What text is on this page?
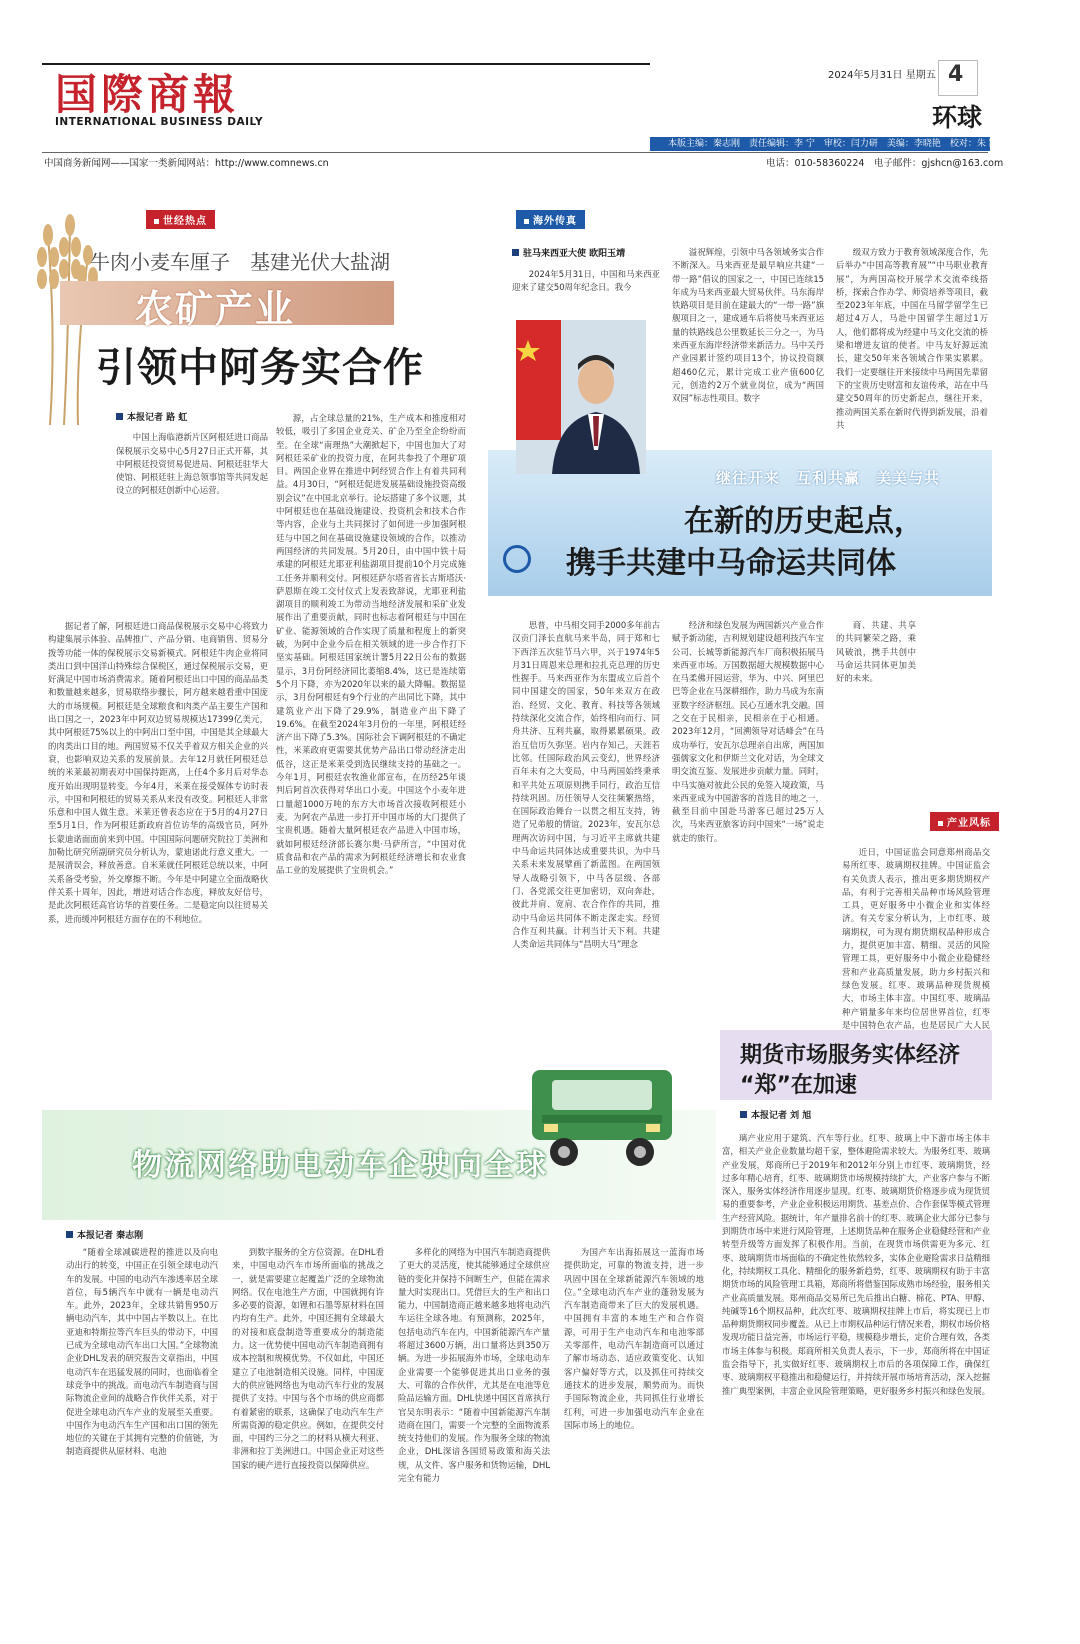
国際商報
INTERNATIONAL BUSINESS DAILY
2024年5月31日 星期五 4
环球
本版主编：秦志刚　责任编辑：李 宁　审校：闫力研　美编：李晓艳　校对：朱 凯
中国商务新闻网——国家一类新闻网站：http://www.comnews.cn	电话：010-58360224　电子邮件：gjshcn@163.com
世经热点
牛肉小麦车厘子　基建光伏大盐湖
农矿产业
引领中阿务实合作
本报记者 路 虹

中国上海临港新片区阿根廷进口商品保税展示交易中心5月27日正式开幕，其中阿根廷投资贸易促进局、阿根廷驻华大使馆、阿根廷驻上海总领事馆等共同发起设立的阿根廷创新中心运营。

据记者了解，阿根廷进口商品保税展示交易中心将致力构建集展示体验、品牌推广、产品分销、电商销售、贸易分拨等功能一体的保税展示交易新模式。阿根廷牛肉企业将同类出口到中国洋山特殊综合保税区，通过保税展示交易，更好满足中国市场消费需求。随着阿根廷出口中国的商品品类和数量越来越多，贸易联络步骤长，阿方越来越看重中国庞大的市场规模。阿根廷是全球粮食和肉类产品主要生产国和出口国之一，2023年中阿双边贸易规模达17399亿美元，其中阿根廷75%以上的中阿出口至中国，中国是其全球最大的肉类出口目的地。两国贸易不仅关乎着双方相关企业的兴衰，也影响双边关系的发展前景。去年12月就任阿根廷总统的米莱最初期表对中国保持距离，上任4个多月后对华态度开始出现明显转变。今年4月，米莱在接受媒体专访时表示，中国和阿根廷的贸易关系从来没有改变。阿根廷人非常乐意和中国人做生意。米莱还曾表态应在于5月的4月27日至5月1日，作为阿根廷新政府首位访华的高级官员，阿外长蒙迪诺面面前来到中国。中国国际问题研究院拉丁美洲和加勒比研究所副研究员分析认为，蒙迪诺此行意义重大。一是展清误会，释放善意。自米莱就任阿根廷总统以来，中阿关系备受考验，外交摩擦不断。今年是中阿建立全面战略伙伴关系十周年，因此，增进对话合作态度，释放友好信号，是此次阿根廷高官访华的首要任务。二是稳定向以往贸易关系，进而缓冲阿根廷方面存在的不利地位。

源，占全球总量的21%，生产成本和推度相对较低，吸引了多国企业竞关、矿企乃至全企纷纷而至。在全球“南理热”大潮掀起下，中国也加大了对阿根廷采矿业的投资力度，在阿共参投了个理矿项目。两国企业界在推进中阿经贸合作上有着共同利益。4月30日，“阿根廷促进发展基础设施投资高级别会议”在中国北京举行。论坛搭建了多个议题，其中阿根廷也在基础设施建设、投资机会和技术合作等内容，企业与土共同探讨了如何进一步加强阿根廷与中国之间在基础设施建设领域的合作，以推动两国经济的共同发展。5月20日，由中国中铁十局承建的阿根廷尤耶亚利盐湖项目提前10个月完成施工任务并顺利交付。阿根廷萨尔塔省省长古斯塔沃·萨恩斯在竣工交付仪式上发表致辞说，尤耶亚利盐湖项目的顺利竣工为带动当地经济发展和采矿业发展作出了重要贡献，同时也标志着阿根廷与中国在矿业、能源领域的合作实现了质量和程度上的新突破，为阿中企业今后在相关领域的进一步合作打下坚实基础。阿根廷国家统计署5月22日公布的数据显示，3月份阿经济同比萎缩8.4%，这已是连续第5个月下降，亦为2020年以来的最大降幅。数据显示，3月份阿根廷有9个行业的产出同比下降，其中建筑业产出下降了29.9%，制造业产出下降了19.6%。在截至2024年3月份的一年里，阿根廷经济产出下降了5.3%。国际社会下调阿根廷的不确定性，米莱政府更需要其优势产品出口带动经济走出低谷，这正是米莱受到选民继续支持的基础之一。今年1月，阿根廷农牧渔业部宣布，在历经25年谈判后阿首次获得对华出口小麦。中国这个小麦年进口量超1000万吨的东方大市场首次接收阿根廷小麦，为阿农产品进一步打开中国市场的大门提供了宝贵机遇。随着大量阿根廷农产品进入中国市场，就如阿根廷经济部长赛尔奥·马萨所言，“中国对优质食品和农产品的需求为阿根廷经济增长和农业食品工业的发展提供了宝贵机会。”

海外传真
驻马来西亚大使 欧阳玉靖

2024年5月31日，中国和马来西亚迎来了建交50周年纪念日。我今

溢祝辉煌，引领中马各领域务实合作不断深入。马来西亚是最早响应共建“一带一路”倡议的国家之一，中国已连续15年成为马来西亚最大贸易伙伴。马东海岸铁路项目是目前在建最大的“一带一路”旗舰项目之一，建成通车后将使马来西亚运量的铁路线总公里数延长三分之一，为马来西亚东海岸经济带来新活力。马中关丹产业园累计签约项目13个，协议投资额超460亿元，累计完成工业产值600亿元，创造约2万个就业岗位，成为“两国双园”标志性项目。数字

级双方致力于教育领域深度合作，先后举办“中国高等教育展”“中马职业教育展”，为两国高校开展学术交流牵线搭桥，探索合作办学、师资培养等项目，截至2023年年底，中国在马留学留学生已超过4万人，马赴中国留学生超过1万人，他们都将成为经建中马文化交流的桥梁和增进友谊的使者。中马友好源远流长，建交50年来各领域合作果实累累。我们一定要继往开来接续中马两国先辈留下的宝贵历史财富和友谊传承，站在中马建交50周年的历史新起点，继往开来，推动两国关系在新时代得到新发展，沿着共

继往开来　互利共赢　美美与共
在新的历史起点，
携手共建中马命运共同体

思普，中马相交同手2000多年前古汉贡门泽长直航马来半岛，同于郑和七下西洋五次驻节马六甲，兴于1974年5月31日周恩来总理和拉扎克总理的历史性握手。马来西亚作为东盟成立后首个同中国建交的国家，50年来双方在政治、经贸、文化、教育、科技等各领域持续深化交流合作，始终相向而行、同舟共济、互利共赢，取得累累硕果。政治互信历久弥坚。岩内存知己，天涯若比邻。任国际政治风云变幻，世界经济百年未有之大变局，中马两国始终秉承和平共处五项原则携手同行，政治互信持续巩固。历任领导人交往频繁热络，在国际政治舞台一以贯之相互支持，铸造了兄弟般的情谊。2023年，安瓦尔总理两次访问中国，与习近平主席就共建中马命运共同体达成重要共识，为中马关系未来发展擘画了新蓝图。在两国领导人战略引领下，中马各层级、各部门、各党派交往更加密切，双向奔赴，彼此并肩、宽肩、农合作作的共同，推动中马命运共同体不断走深走实。经贸合作互利共赢。计利当计天下利。共建人类命运共同体与“昌明大马”理念

经济和绿色发展为两国新兴产业合作赋予新动能，吉利规划建设超利技汽车宝公司、长城等新能源汽车厂商积极拓展马来西亚市场。万国数据超大规模数据中心在马柔佛开园运营，华为、中兴、阿里巴巴等企业在马深耕细作，助力马成为东南亚数字经济枢纽。民心互通水乳交融。国之交在于民相亲，民相亲在于心相通。2023年12月，“回溯领导对话峰会”在马成功举行，安瓦尔总理亲自出席，两国加强儒家文化和伊斯兰文化对话，为全球文明交流互鉴、发展进步贡献力量。同时，中马实施对彼此公民的免签入境政策，马来西亚成为中国游客的首选目的地之一，截至目前中国赴马游客已超过25万人次，马来西亚旅客访问中国来“一场”说走就走的旅行。

商、共建、共享的共同繁荣之路，乘风破浪，携手共创中马命运共同体更加美好的未来。

产业风标

近日，中国证监会同意郑州商品交易所红枣、玻璃期权挂牌。中国证监会有关负责人表示，推出更多期货期权产品，有利于完善相关品种市场风险管理工具，更好服务中小微企业和实体经济。有关专家分析认为，上市红枣、玻璃期权，可为现有期货期权品种形成合力，提供更加丰富、精细、灵活的风险管理工具，更好服务中小微企业稳健经营和产业高质量发展，助力乡村振兴和绿色发展。红枣、玻璃品种现货规模大，市场主体丰富。中国红枣、玻璃品种产销量多年来均位居世界首位，红枣是中国特色农产品，也是居民广大人民

期货市场服务实体经济
“郑”在加速
本报记者 刘 旭

璃产业应用于建筑、汽车等行业。红枣、玻璃上中下游市场主体丰富，相关产业企业数量均超千家，整体避险需求较大。为服务红枣、玻璃产业发展，郑商所已于2019年和2012年分别上市红枣、玻璃期货，经过多年精心培育，红枣、玻璃期货市场规模持续扩大，产业客户参与不断深入，服务实体经济作用逐步显现。红枣、玻璃期货价格逐步成为现货贸易的重要参考，产业企业积极运用期货、基差点价、合作套保等模式管理生产经营风险。据统计，年产量排名前十的红枣、玻璃企业大部分已参与到期货市场中来进行风险管理，上述期货品种在服务企业稳健经营和产业转型升级等方面发挥了积极作用。当前，在现货市场供需更为多元、红枣、玻璃期货市场面临的不确定性依然较多，实体企业避险需求日益精细化，持续期权工具化、精细化的服务新趋势，红枣、玻璃期权有助于丰富期货市场的风险管理工具箱，郑商所将借鉴国际成熟市场经验，服务相关产业高质量发展。郑州商品交易所已先后推出白糖、棉花、PTA、甲醇、纯碱等16个期权品种，此次红枣、玻璃期权挂牌上市后，将实现已上市品种期货期权同步覆盖。从已上市期权品种运行情况来看，期权市场价格发现功能日益完善，市场运行平稳，规模稳步增长，定价合理有效，各类市场主体参与积极。郑商所相关负责人表示，下一步，郑商所将在中国证监会指导下，扎实做好红枣、玻璃期权上市后的各项保障工作，确保红枣、玻璃期权平稳推出和稳健运行，并持续开展市场培育活动，深入挖掘推广典型案例，丰富企业风险管理策略，更好服务乡村振兴和绿色发展。

物流网络助电动车企驶向全球
本报记者 秦志刚

“随着全球减碳进程的推进以及向电动出行的转变，中国正在引领全球电动汽车的发展。中国的电动汽车渗透率居全球首位，每5辆汽车中就有一辆是电动汽车。此外，2023年，全球共销售950万辆电动汽车，其中中国占半数以上。在比亚迪和特斯拉等汽车巨头的带动下，中国已成为全球电动汽车出口大国。”全球物流企业DHL发表的研究报告文章指出，中国电动汽车在迅猛发展的同时，也面临着全球竞争中的挑战。而电动汽车制造商与国际物流企业间的战略合作伙伴关系，对于促进全球电动汽车产业的发展至关重要。中国作为电动汽车生产国和出口国的领先地位的关键在于其拥有完整的价值链，为制造商提供从原材料、电池

到数字服务的全方位资源。在DHL看来，中国电动汽车市场所面临的挑战之一，就是需要建立起覆盖广泛的全球物流网络。仅在电池生产方面，中国就拥有许多必要的资源，如锂和石墨等原材料在国内均有生产。此外，中国还拥有全球最大的对接和底盘制造等重要成分的制造能力。这一优势使中国电动汽车制造商拥有成本控制和规模优势。不仅如此，中国还建立了电池制造相关设施。同样，中国庞大的供应链网络也为电动汽车行业的发展提供了支持。中国与各个市场的供应商都有着紧密的联系，这确保了电动汽车生产所需资源的稳定供应。例如，在提供交付面，中国约三分之二的材料从横大利亚、非洲和拉丁美洲进口。中国企业正对这些国家的硬产进行直接投资以保障供应。

多样化的网络为中国汽车制造商提供了更大的灵活度，使其能够通过全球供应链的变化并保持不间断生产，但能在需求量大时实现出口。凭借巨大的生产和出口能力，中国制造商正越来越多地将电动汽车运往全球各地。有预测称，2025年，包括电动汽车在内，中国新能源汽车产量将超过3600万辆，出口量将达到350万辆。为进一步拓展海外市场，全球电动车企业需要一个能够促进其出口业务的强大、可靠的合作伙伴，尤其是在电池等危险品运输方面。DHL快递中国区首席执行官吴东明表示：“随着中国新能源汽车制造商在国门，需要一个完整的全面物流系统支持他们的发展。作为服务全球的物流企业，DHL深谙各国贸易政策和海关法规，从文件、客户服务和货物运输，DHL完全有能力

为国产车出海拓展这一蓝海市场提供助定，可靠的物流支持，进一步巩固中国在全球新能源汽车领域的地位。”全球电动汽车产业的蓬勃发展为汽车制造商带来了巨大的发展机遇。中国拥有丰富的本地生产和合作资源，可用于生产电动汽车和电池零部关零部件，电动汽车制造商可以通过了解市场动态、适应政策变化、认知客户偏好等方式，以及抓住可持续交通技术的进步发展，顺势而为。而快手国际物流企业，共同抓住行业增长红利，可进一步加强电动汽车企业在国际市场上的地位。
